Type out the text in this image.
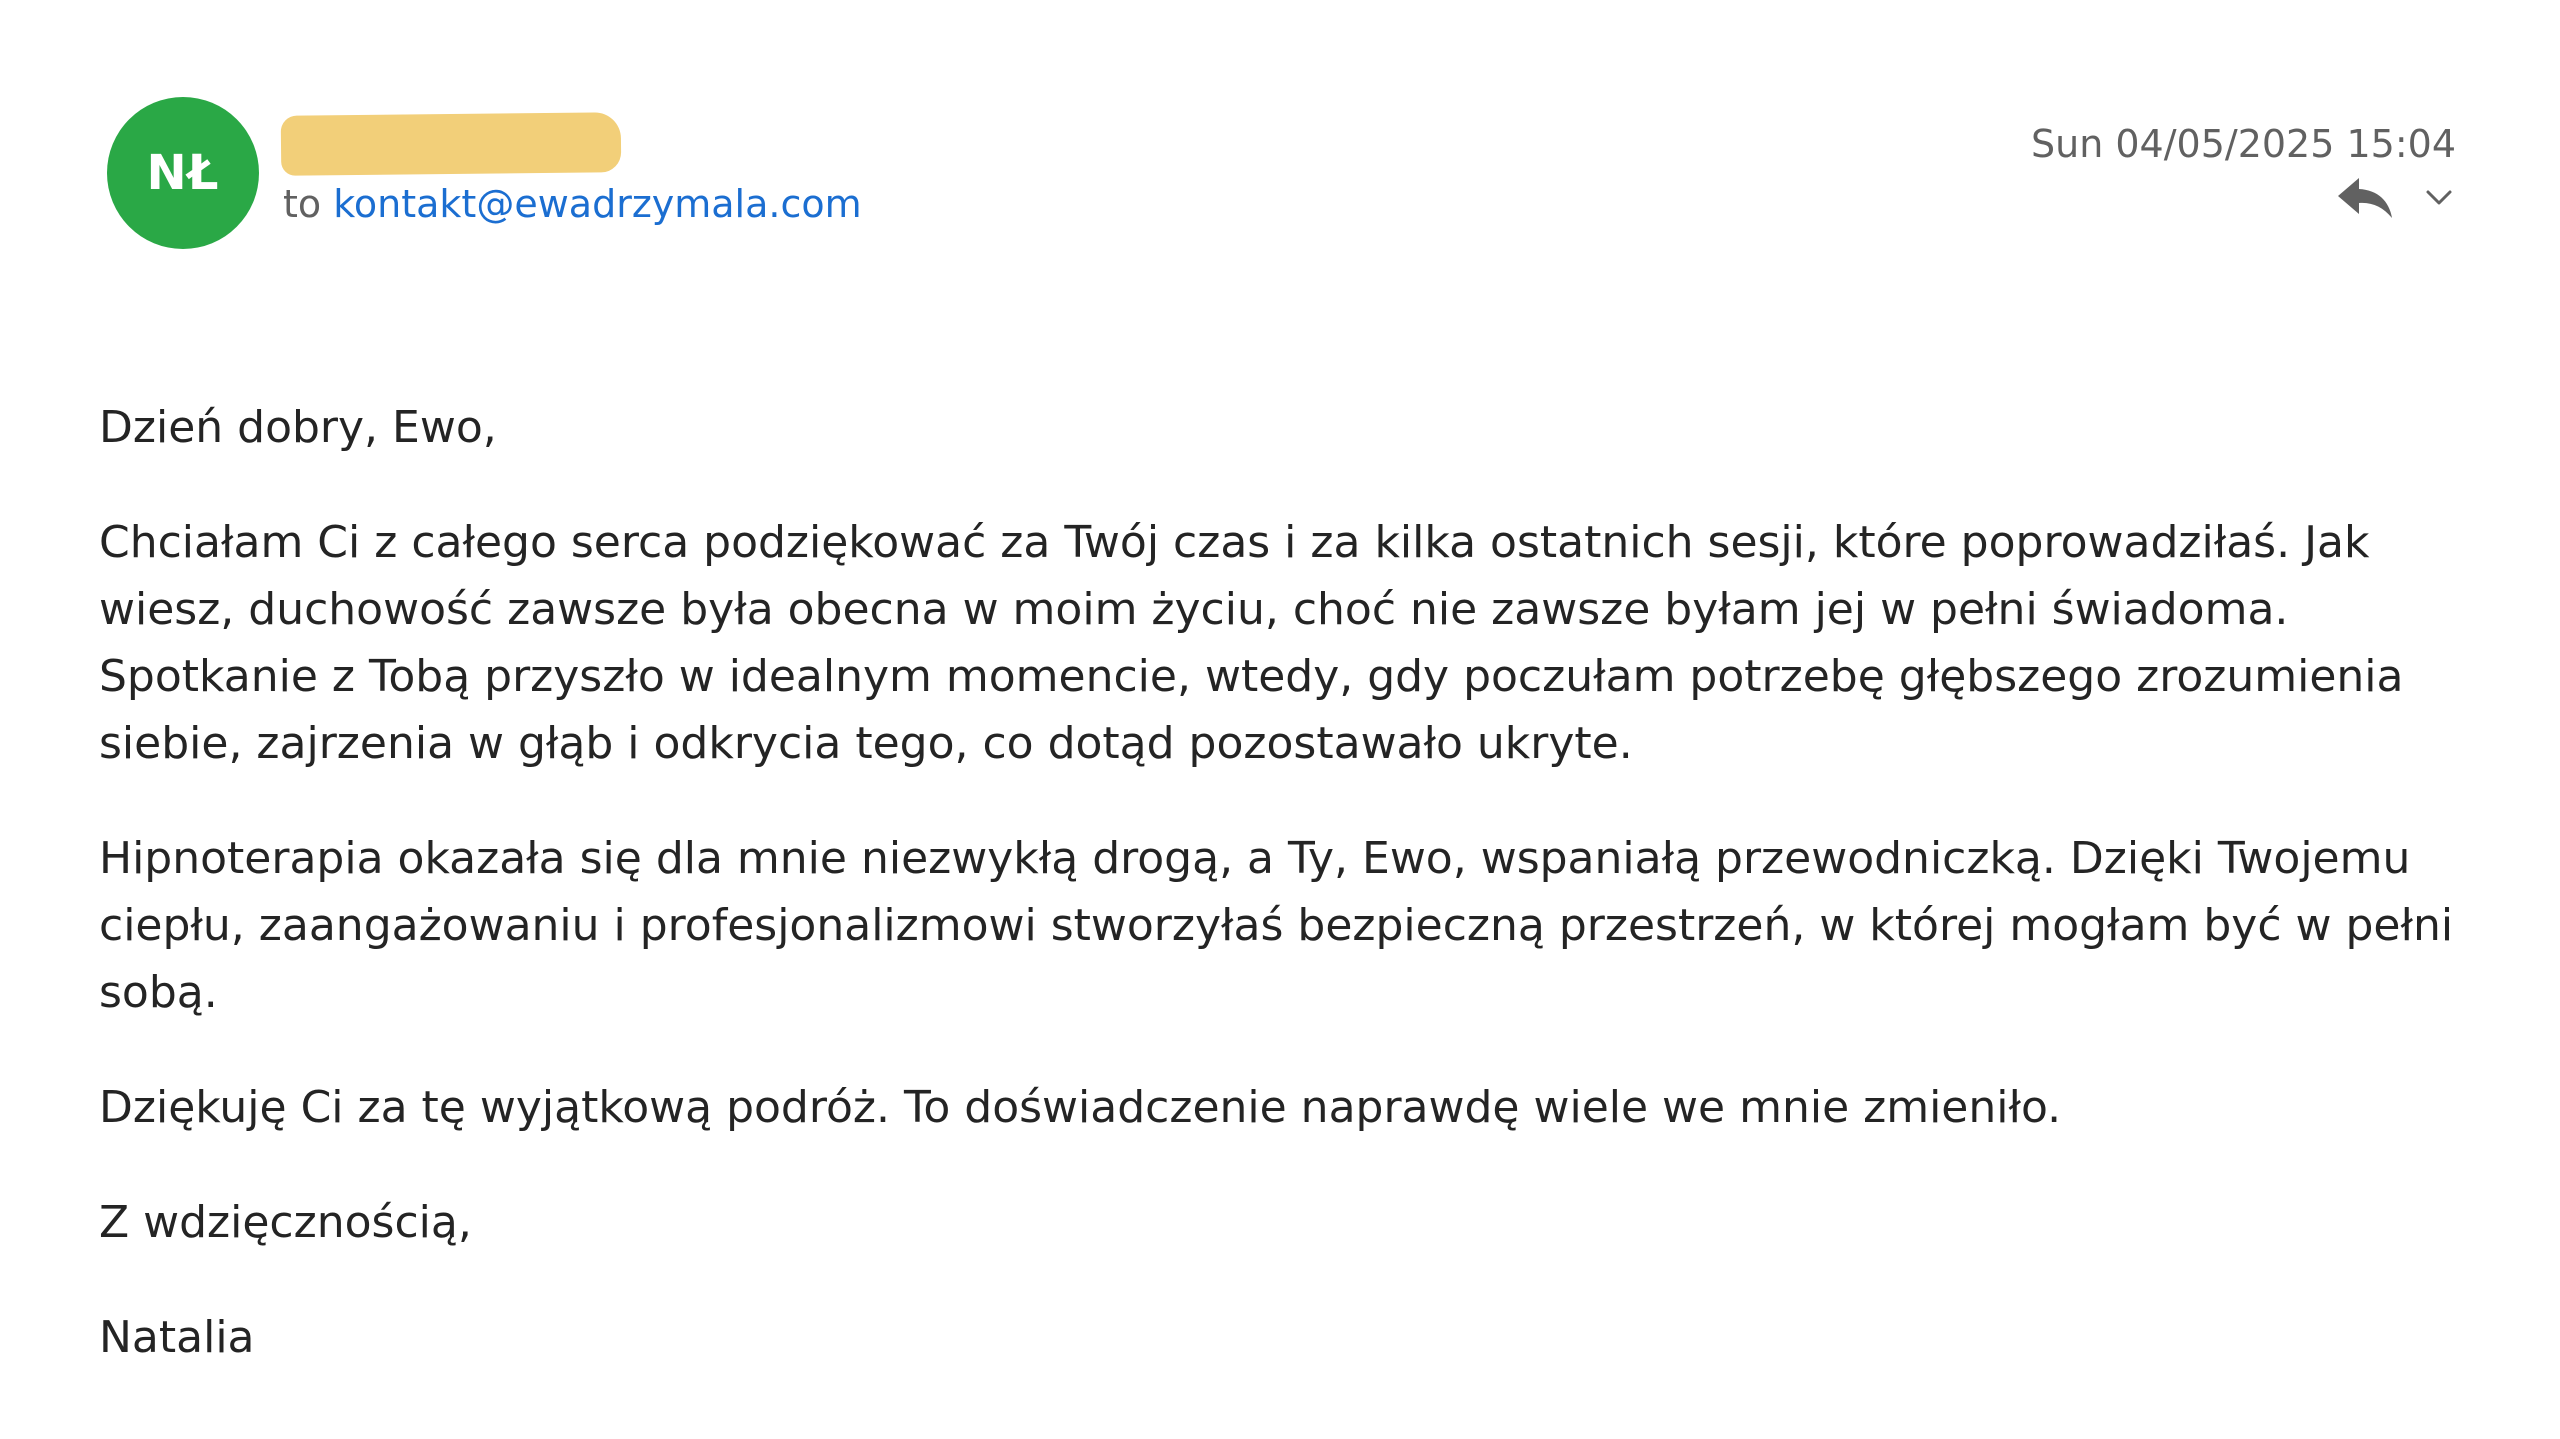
NŁ
to kontakt@ewadrzymala.com
Sun 04/05/2025 15:04

Dzień dobry, Ewo,

Chciałam Ci z całego serca podziękować za Twój czas i za kilka ostatnich sesji, które poprowadziłaś. Jak wiesz, duchowość zawsze była obecna w moim życiu, choć nie zawsze byłam jej w pełni świadoma. Spotkanie z Tobą przyszło w idealnym momencie, wtedy, gdy poczułam potrzebę głębszego zrozumienia siebie, zajrzenia w głąb i odkrycia tego, co dotąd pozostawało ukryte.

Hipnoterapia okazała się dla mnie niezwykłą drogą, a Ty, Ewo, wspaniałą przewodniczką. Dzięki Twojemu ciepłu, zaangażowaniu i profesjonalizmowi stworzyłaś bezpieczną przestrzeń, w której mogłam być w pełni sobą.

Dziękuję Ci za tę wyjątkową podróż. To doświadczenie naprawdę wiele we mnie zmieniło.

Z wdzięcznością,

Natalia
